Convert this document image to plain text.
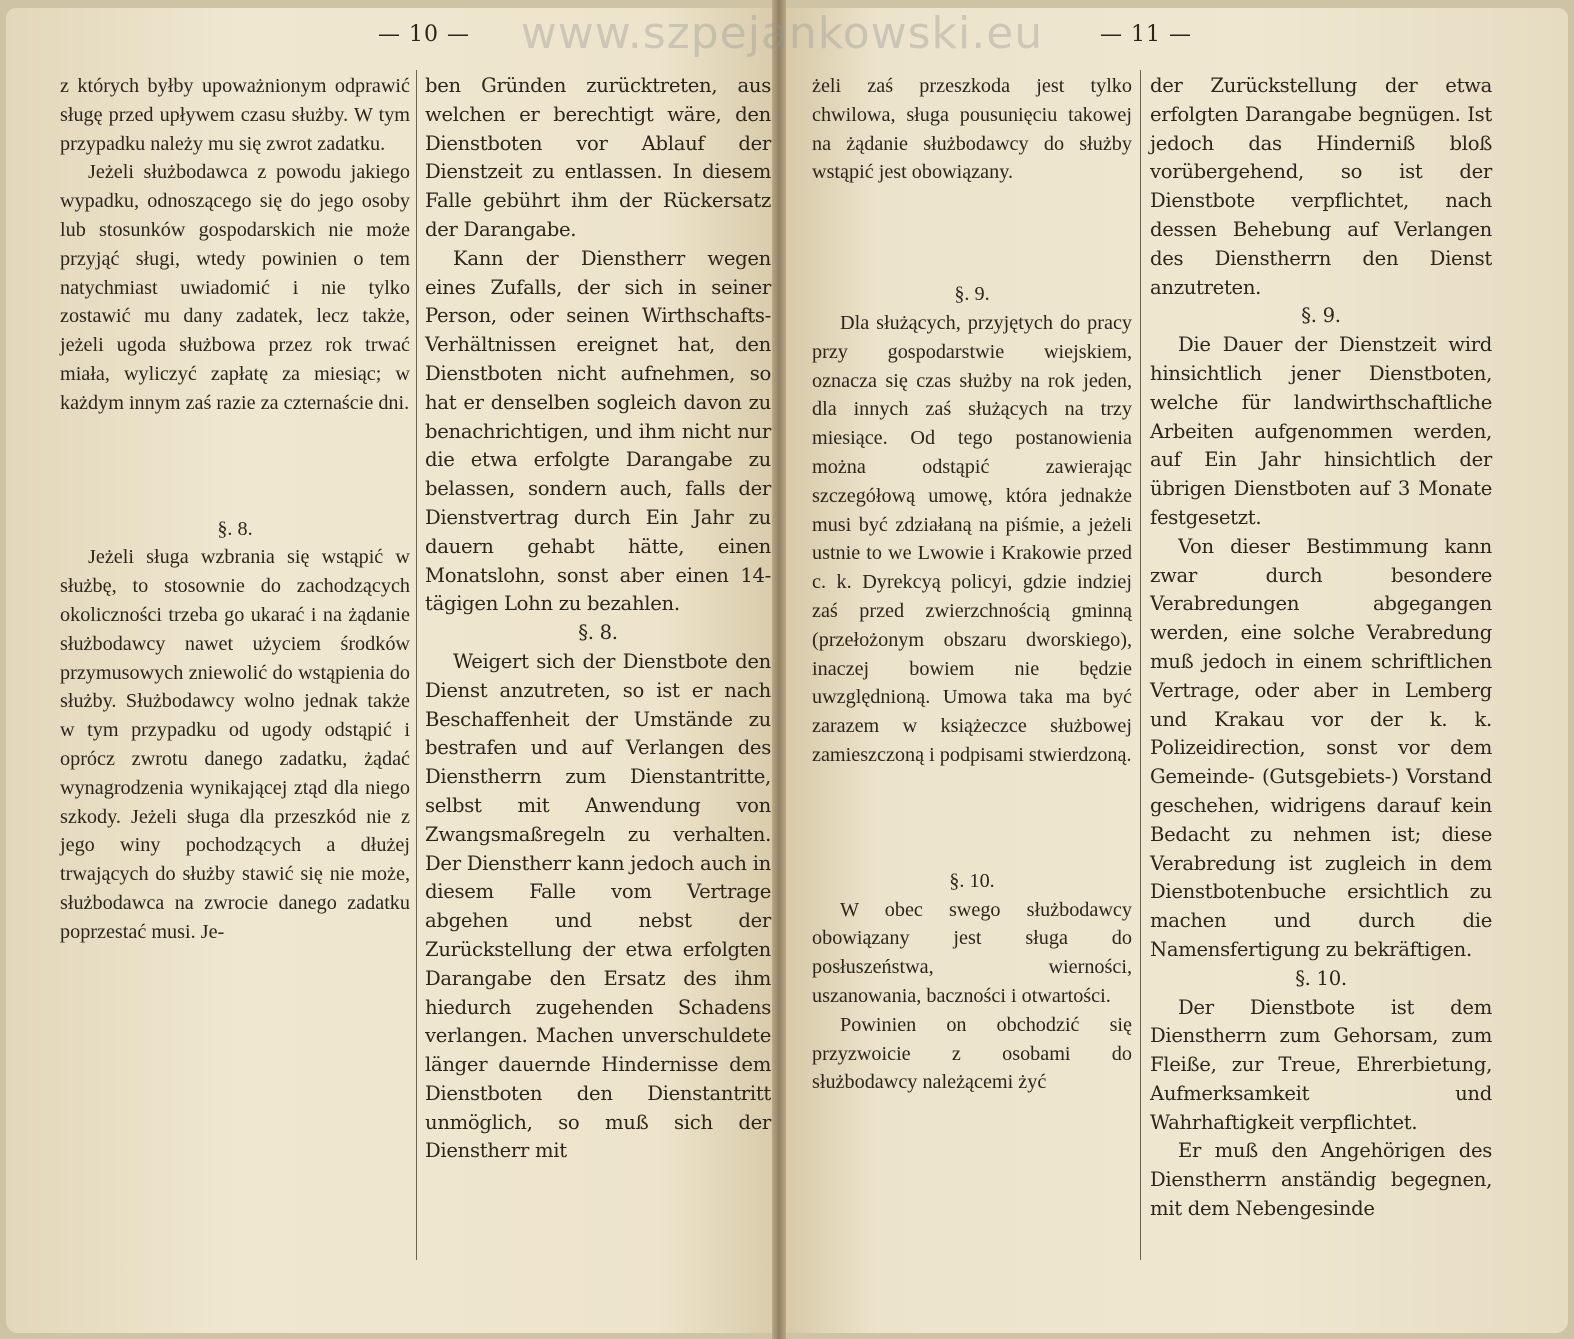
— 10 —	— 11 —
www.szpejankowski.eu

z których byłby upoważnionym odprawić sługę przed upływem czasu służby. W tym przypadku należy mu się zwrot zadatku.

Jeżeli służbodawca z powodu jakiego wypadku, odnoszącego się do jego osoby lub stosunków gospodarskich nie może przyjąć sługi, wtedy powinien o tem natychmiast uwiadomić i nie tylko zostawić mu dany zadatek, lecz także, jeżeli ugoda służbowa przez rok trwać miała, wyliczyć zapłatę za miesiąc; w każdym innym zaś razie za czternaście dni.

§. 8.

Jeżeli sługa wzbrania się wstąpić w służbę, to stosownie do zachodzących okoliczności trzeba go ukarać i na żądanie służbodawcy nawet użyciem środków przymusowych zniewolić do wstąpienia do służby. Służbodawcy wolno jednak także w tym przypadku od ugody odstąpić i oprócz zwrotu danego zadatku, żądać wynagrodzenia wynikającej ztąd dla niego szkody. Jeżeli sługa dla przeszkód nie z jego winy pochodzących a dłużej trwających do służby stawić się nie może, służbodawca na zwrocie danego zadatku poprzestać musi. Je-

ben Gründen zurücktreten, aus welchen er berechtigt wäre, den Dienstboten vor Ablauf der Dienstzeit zu entlassen. In diesem Falle gebührt ihm der Rückersatz der Darangabe.

Kann der Dienstherr wegen eines Zufalls, der sich in seiner Person, oder seinen Wirthschafts-Verhältnissen ereignet hat, den Dienstboten nicht aufnehmen, so hat er denselben sogleich davon zu benachrichtigen, und ihm nicht nur die etwa erfolgte Darangabe zu belassen, sondern auch, falls der Dienstvertrag durch Ein Jahr zu dauern gehabt hätte, einen Monatslohn, sonst aber einen 14-tägigen Lohn zu bezahlen.

§. 8.

Weigert sich der Dienstbote den Dienst anzutreten, so ist er nach Beschaffenheit der Umstände zu bestrafen und auf Verlangen des Dienstherrn zum Dienstantritte, selbst mit Anwendung von Zwangsmaßregeln zu verhalten. Der Dienstherr kann jedoch auch in diesem Falle vom Vertrage abgehen und nebst der Zurückstellung der etwa erfolgten Darangabe den Ersatz des ihm hiedurch zugehenden Schadens verlangen. Machen unverschuldete länger dauernde Hindernisse dem Dienstboten den Dienstantritt unmöglich, so muß sich der Dienstherr mit

żeli zaś przeszkoda jest tylko chwilowa, sługa pousunięciu takowej na żądanie służbodawcy do służby wstąpić jest obowiązany.

§. 9.

Dla służących, przyjętych do pracy przy gospodarstwie wiejskiem, oznacza się czas służby na rok jeden, dla innych zaś służących na trzy miesiące. Od tego postanowienia można odstąpić zawierając szczegółową umowę, która jednakże musi być zdziałaną na piśmie, a jeżeli ustnie to we Lwowie i Krakowie przed c. k. Dyrekcyą policyi, gdzie indziej zaś przed zwierzchnością gminną (przełożonym obszaru dworskiego), inaczej bowiem nie będzie uwzględnioną. Umowa taka ma być zarazem w książeczce służbowej zamieszczoną i podpisami stwierdzoną.

§. 10.

W obec swego służbodawcy obowiązany jest sługa do posłuszeństwa, wierności, uszanowania, baczności i otwartości.

Powinien on obchodzić się przyzwoicie z osobami do służbodawcy należącemi żyć

der Zurückstellung der etwa erfolgten Darangabe begnügen. Ist jedoch das Hinderniß bloß vorübergehend, so ist der Dienstbote verpflichtet, nach dessen Behebung auf Verlangen des Dienstherrn den Dienst anzutreten.

§. 9.

Die Dauer der Dienstzeit wird hinsichtlich jener Dienstboten, welche für landwirthschaftliche Arbeiten aufgenommen werden, auf Ein Jahr hinsichtlich der übrigen Dienstboten auf 3 Monate festgesetzt.

Von dieser Bestimmung kann zwar durch besondere Verabredungen abgegangen werden, eine solche Verabredung muß jedoch in einem schriftlichen Vertrage, oder aber in Lemberg und Krakau vor der k. k. Polizeidirection, sonst vor dem Gemeinde- (Gutsgebiets-) Vorstand geschehen, widrigens darauf kein Bedacht zu nehmen ist; diese Verabredung ist zugleich in dem Dienstbotenbuche ersichtlich zu machen und durch die Namensfertigung zu bekräftigen.

§. 10.

Der Dienstbote ist dem Dienstherrn zum Gehorsam, zum Fleiße, zur Treue, Ehrerbietung, Aufmerksamkeit und Wahrhaftigkeit verpflichtet.

Er muß den Angehörigen des Dienstherrn anständig begegnen, mit dem Nebengesinde
